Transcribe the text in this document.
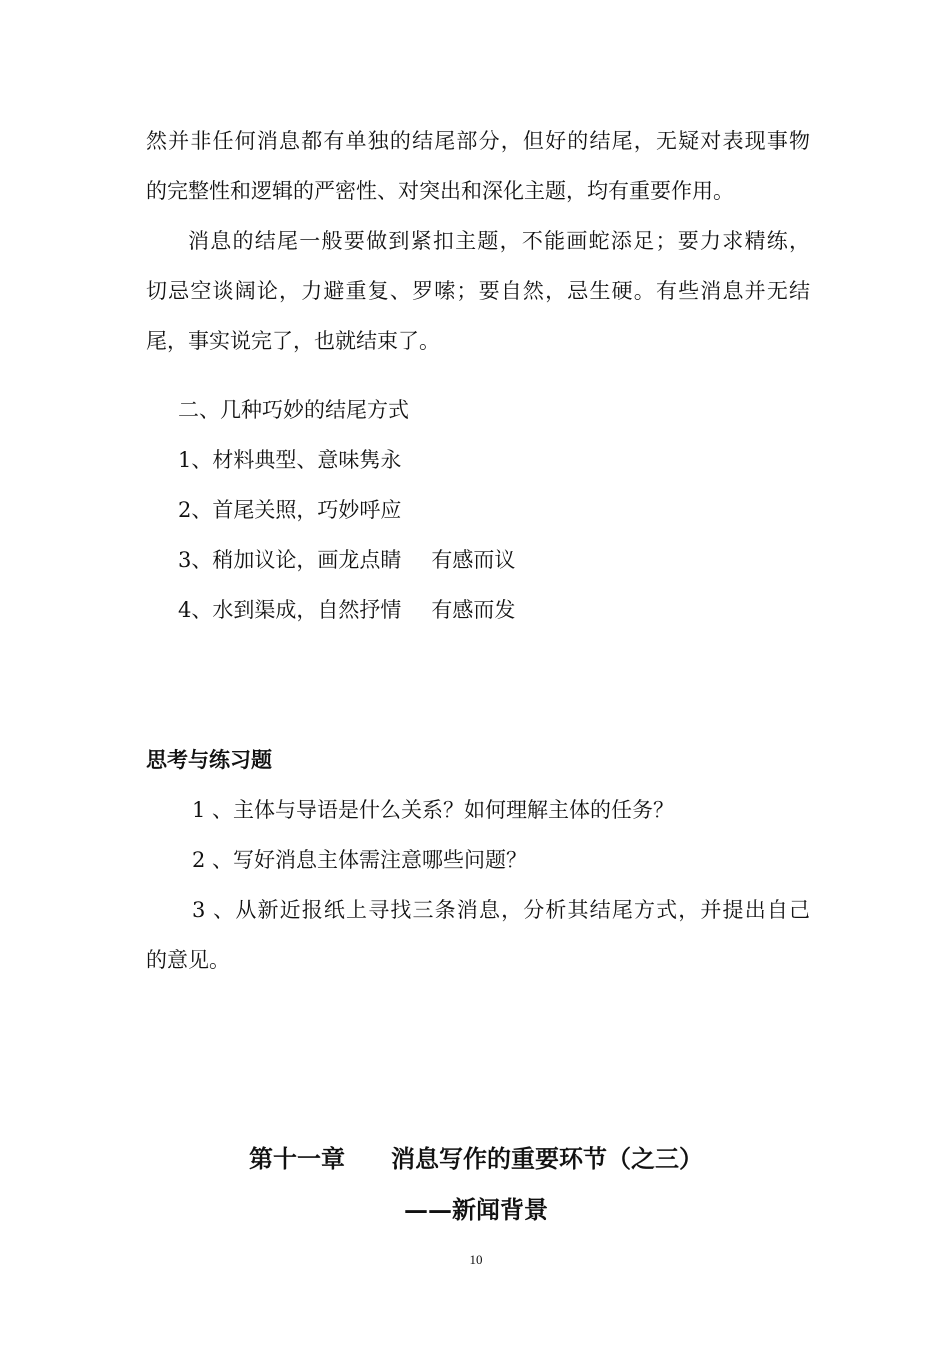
然并非任何消息都有单独的结尾部分，但好的结尾，无疑对表现事物
的完整性和逻辑的严密性、对突出和深化主题，均有重要作用。
消息的结尾一般要做到紧扣主题，不能画蛇添足；要力求精练，
切忌空谈阔论，力避重复、罗嗦；要自然，忌生硬。有些消息并无结
尾，事实说完了，也就结束了。
二、几种巧妙的结尾方式
1、材料典型、意味隽永
2、首尾关照，巧妙呼应
3、稍加议论，画龙点睛 有感而议
4、水到渠成，自然抒情 有感而发
思考与练习题
1 、主体与导语是什么关系？如何理解主体的任务？
2 、写好消息主体需注意哪些问题？
3 、从新近报纸上寻找三条消息，分析其结尾方式，并提出自己
的意见。
第十一章 消息写作的重要环节（之三）
——新闻背景
10
